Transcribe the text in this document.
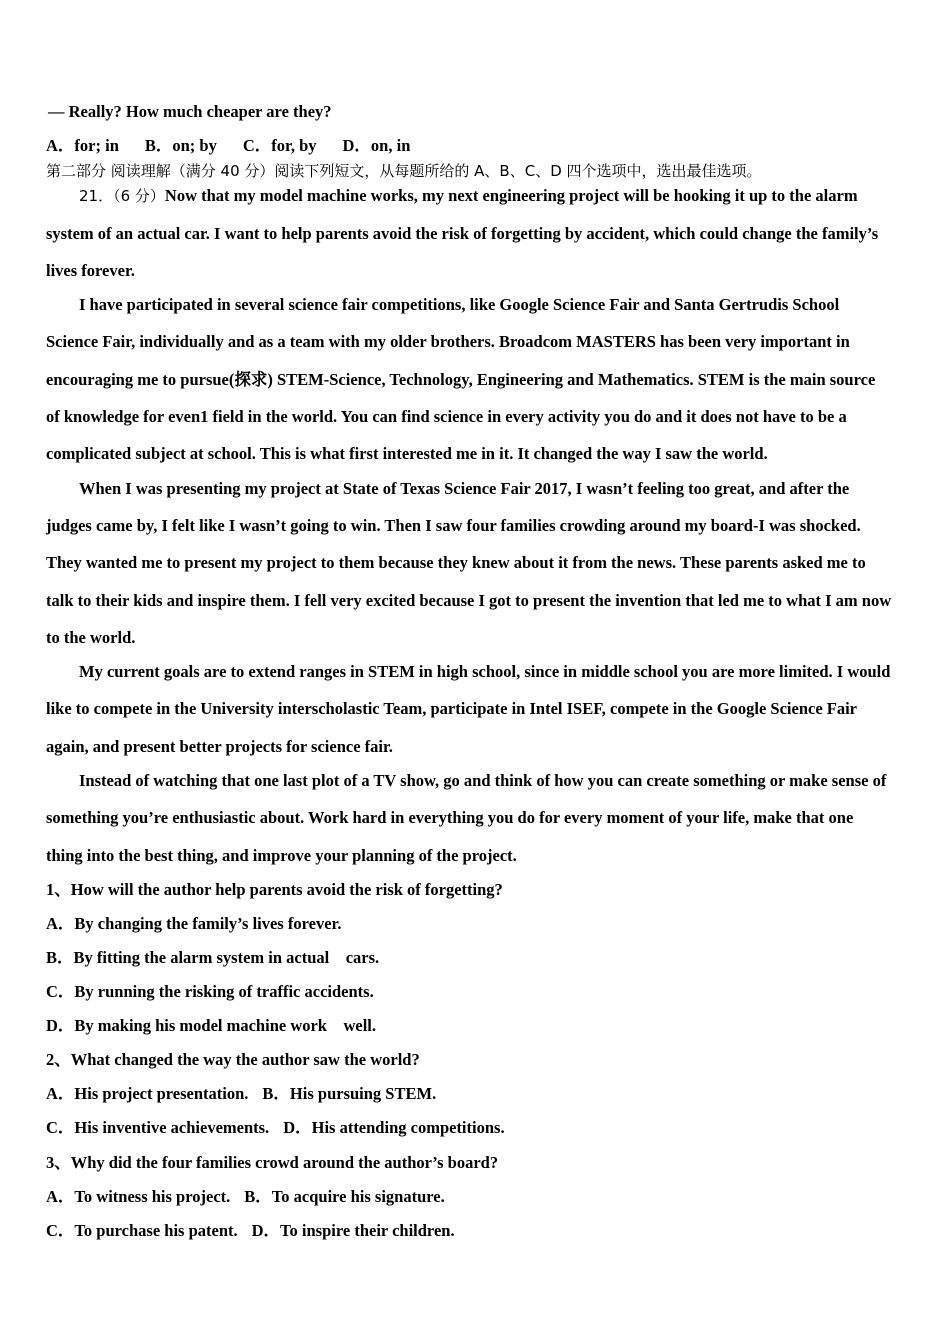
— Really? How much cheaper are they?
A．for; in B．on; by C．for, by D．on, in
第二部分 阅读理解（满分 40 分）阅读下列短文，从每题所给的 A、B、C、D 四个选项中，选出最佳选项。
21．（6 分）Now that my model machine works, my next engineering project will be hooking it up to the alarm
system of an actual car. I want to help parents avoid the risk of forgetting by accident, which could change the family’s
lives forever.
I have participated in several science fair competitions, like Google Science Fair and Santa Gertrudis School
Science Fair, individually and as a team with my older brothers. Broadcom MASTERS has been very important in
encouraging me to pursue(探求) STEM-Science, Technology, Engineering and Mathematics. STEM is the main source
of knowledge for even1 field in the world. You can find science in every activity you do and it does not have to be a
complicated subject at school. This is what first interested me in it. It changed the way I saw the world.
When I was presenting my project at State of Texas Science Fair 2017, I wasn’t feeling too great, and after the
judges came by, I felt like I wasn’t going to win. Then I saw four families crowding around my board-I was shocked.
They wanted me to present my project to them because they knew about it from the news. These parents asked me to
talk to their kids and inspire them. I fell very excited because I got to present the invention that led me to what I am now
to the world.
My current goals are to extend ranges in STEM in high school, since in middle school you are more limited. I would
like to compete in the University interscholastic Team, participate in Intel ISEF, compete in the Google Science Fair
again, and present better projects for science fair.
Instead of watching that one last plot of a TV show, go and think of how you can create something or make sense of
something you’re enthusiastic about. Work hard in everything you do for every moment of your life, make that one
thing into the best thing, and improve your planning of the project.
1、How will the author help parents avoid the risk of forgetting?
A．By changing the family’s lives forever.
B．By fitting the alarm system in actual    cars.
C．By running the risking of traffic accidents.
D．By making his model machine work    well.
2、What changed the way the author saw the world?
A．His project presentation. B．His pursuing STEM.
C．His inventive achievements. D．His attending competitions.
3、Why did the four families crowd around the author’s board?
A．To witness his project. B．To acquire his signature.
C．To purchase his patent. D．To inspire their children.
